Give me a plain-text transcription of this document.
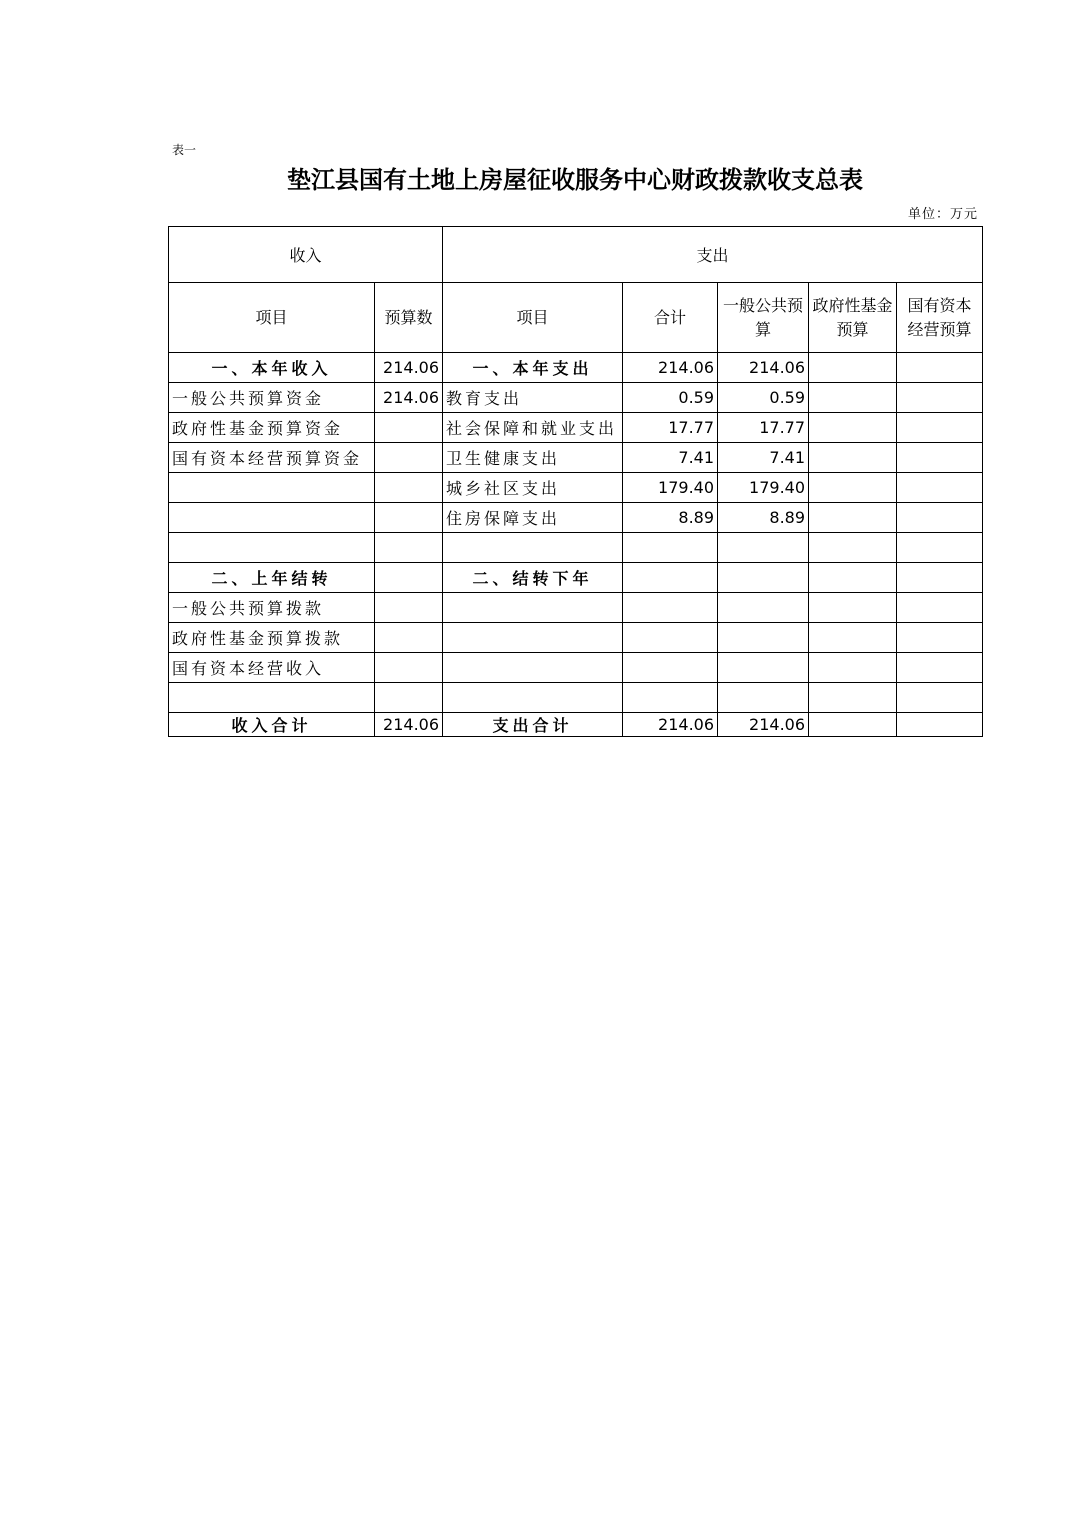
表一
垫江县国有土地上房屋征收服务中心财政拨款收支总表
单位：万元
收入		支出				
项目	预算数	项目	合计	一般公共预算	政府性基金预算	国有资本经营预算
一、本年收入	214.06	一、本年支出	214.06	214.06		
一般公共预算资金	214.06	教育支出	0.59	0.59		
政府性基金预算资金		社会保障和就业支出	17.77	17.77		
国有资本经营预算资金		卫生健康支出	7.41	7.41		
		城乡社区支出	179.40	179.40		
		住房保障支出	8.89	8.89		

二、上年结转		二、结转下年				
一般公共预算拨款						
政府性基金预算拨款						
国有资本经营收入						

收入合计	214.06	支出合计	214.06	214.06		
